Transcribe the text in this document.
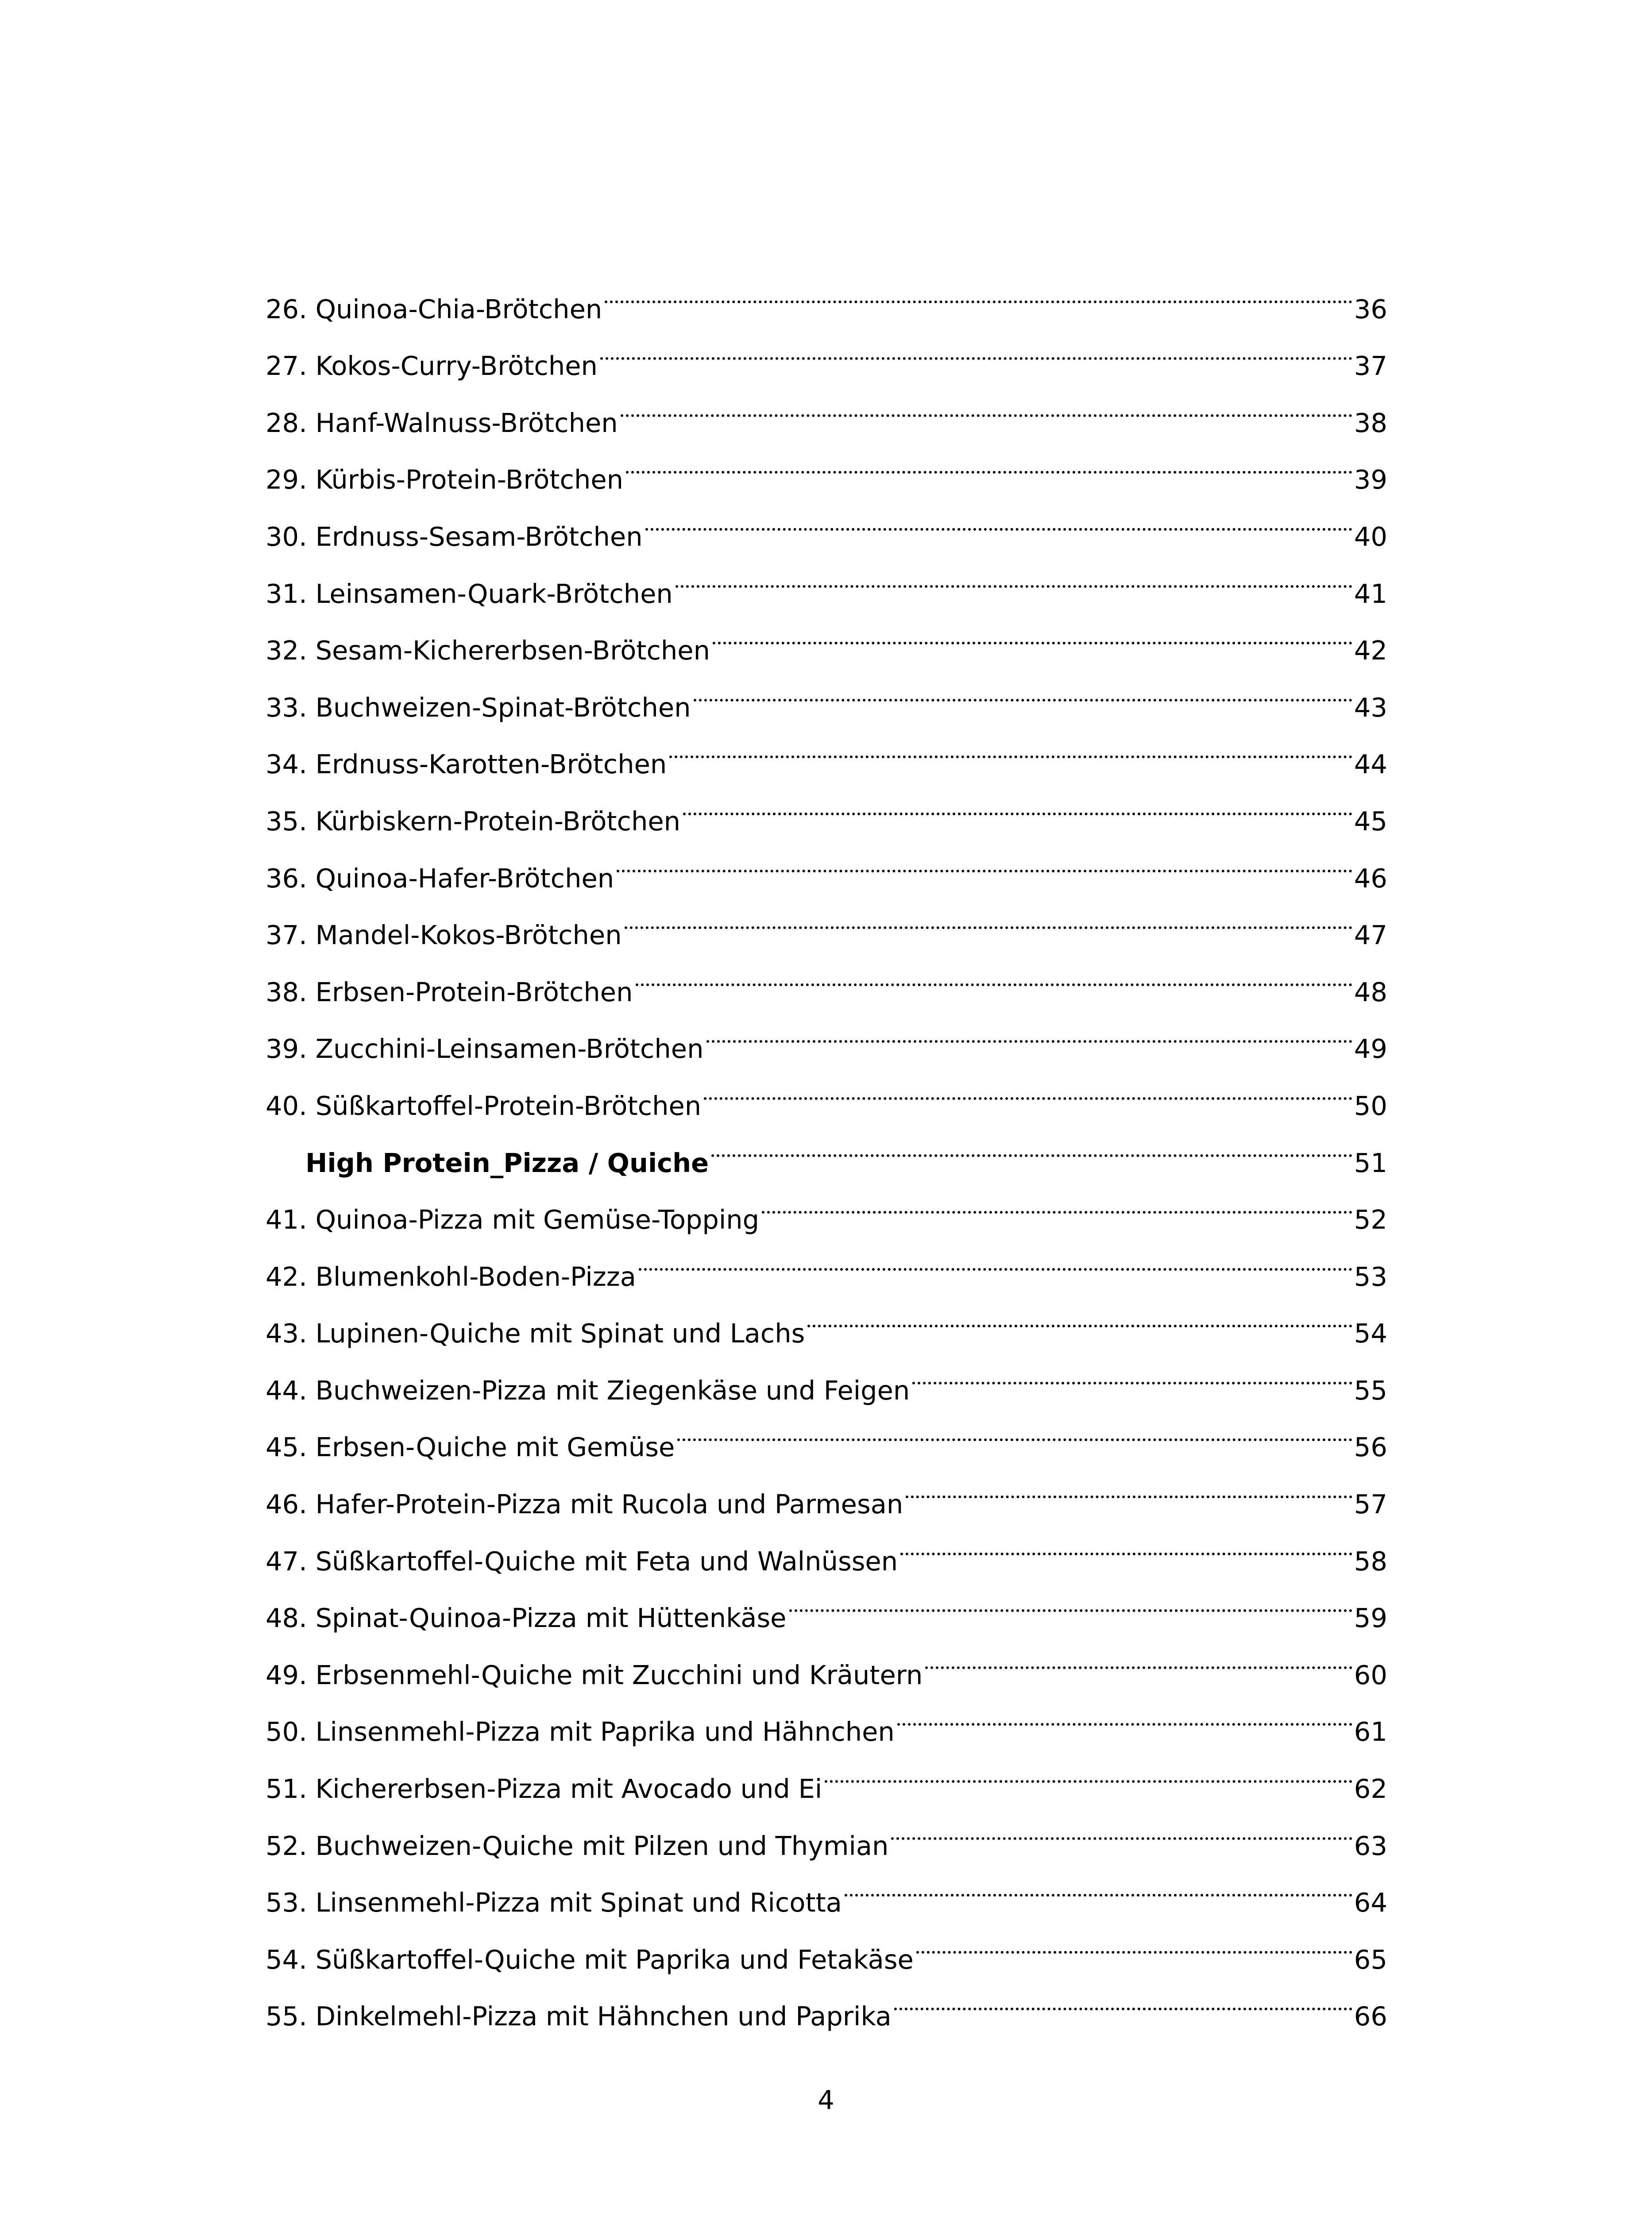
26. Quinoa-Chia-Brötchen	36
27. Kokos-Curry-Brötchen	37
28. Hanf-Walnuss-Brötchen	38
29. Kürbis-Protein-Brötchen	39
30. Erdnuss-Sesam-Brötchen	40
31. Leinsamen-Quark-Brötchen	41
32. Sesam-Kichererbsen-Brötchen	42
33. Buchweizen-Spinat-Brötchen	43
34. Erdnuss-Karotten-Brötchen	44
35. Kürbiskern-Protein-Brötchen	45
36. Quinoa-Hafer-Brötchen	46
37. Mandel-Kokos-Brötchen	47
38. Erbsen-Protein-Brötchen	48
39. Zucchini-Leinsamen-Brötchen	49
40. Süßkartoffel-Protein-Brötchen	50
High Protein_Pizza / Quiche	51
41. Quinoa-Pizza mit Gemüse-Topping	52
42. Blumenkohl-Boden-Pizza	53
43. Lupinen-Quiche mit Spinat und Lachs	54
44. Buchweizen-Pizza mit Ziegenkäse und Feigen	55
45. Erbsen-Quiche mit Gemüse	56
46. Hafer-Protein-Pizza mit Rucola und Parmesan	57
47. Süßkartoffel-Quiche mit Feta und Walnüssen	58
48. Spinat-Quinoa-Pizza mit Hüttenkäse	59
49. Erbsenmehl-Quiche mit Zucchini und Kräutern	60
50. Linsenmehl-Pizza mit Paprika und Hähnchen	61
51. Kichererbsen-Pizza mit Avocado und Ei	62
52. Buchweizen-Quiche mit Pilzen und Thymian	63
53. Linsenmehl-Pizza mit Spinat und Ricotta	64
54. Süßkartoffel-Quiche mit Paprika und Fetakäse	65
55. Dinkelmehl-Pizza mit Hähnchen und Paprika	66
4
